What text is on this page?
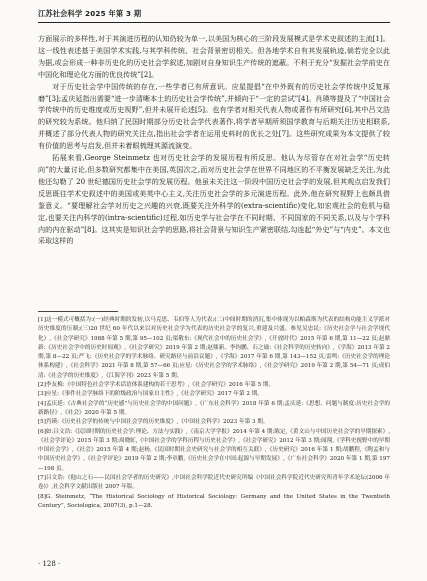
江苏社会科学 2025 年第 3 期

方面展示的多样性,对于其演进历程的认知仍较为单一,以美国为核心的三阶段发展模式是学术史叙述的主流[1]。这一线性表述基于美国学术实践,与其学科传统、社会背景密切相关。但各地学术自有其发展轨迹,倘若完全以此为据,或会形成一种非历史化的历史社会学叙述,加剧对自身知识生产传统的遮蔽。不利于充分“发掘社会学前史在中国化和理论化方面的优良传统”[2]。

对于历史社会学中国传统的存在,一些学者已有所意识。应星提倡“在中外既有的历史社会学传统中反复琢磨”[3];孟庆延指出需要“进一步清晰本土的历史社会学传统”,并倾向于“一定的尝试”[4]。肖瑛等提及了“中国社会学传统中的历史维度或历史视野”,但并未展开论述[5]。也有学者对相关代表人物或著作有所研究[6],其中吕文浩的研究较为系统。他归纳了民国时期部分历史社会学代表著作,将学者早期所须国学教育与后期关注历史相联系,并概述了部分代表人物的研究关注点,指出社会学者在运用史料时的优长之处[7]。这些研究成果为本文提供了较有价值的思考与启发,但并未着眼梳理其源流演变。

拓展来看,George Steinmetz 也对历史社会学的发展历程有所反思。他认为尽管存在对社会学“历史转向”的大量讨论,但多数研究都集中在美国,英国次之,而对历史社会学在世界不同地区的不平衡发展缺乏关注,为此他还勾勒了 20 世纪德国历史社会学的发展历程。他虽未关注这一阶段中国历史社会学的发展,但其观点启发我们反思既往学术史叙述中的美国或美英中心主义,关注历史社会学的多元演进历程。此外,他在研究视野上也颇具借鉴意义。“要理解社会学对历史之兴趣的兴衰,既要关注外科学的(extra-scientific)变化,如宏观社会的危机与稳定,也要关注内科学的(intra-scientific)过程,如历史学与社会学在不同时期、不同国家的不同关系,以及与个学科内的内在驱动”[8]。这其实是知识社会学的思路,将社会背景与知识生产紧密联结,勾连起“外史”与“内史”。本文也采取这样的

[1]这一模式可概括为:(一)经典时期的发轫,以马克思、韦伯等人为代表;(二)中间时期的消沉,集中体现为以帕森斯为代表的结构功能主义学派对历史维度的压制;(三)20 世纪 60 年代以来以对历史社会学为代表的历史社会学的复兴,重建及兴盛。参见吴忠民:《历史社会学与社会学现代化》,《社会学研究》1988 年第 5 期,第 95—102 页;渠敬东:《现代社会中的历史社会学》,《开放时代》2015 年第 6 期,第 11—22 页;赵鼎新:《历史社会学中的历史时间观》,《社会学研究》2019 年第 2 期;赵鼎新、李钧鹏、石之瑜:《社会科学的历史转向》,《学海》2013 年第 2 期,第 8—22 页;严飞:《历史社会学的学术脉络、研究路径与前沿议题》,《学海》2017 年第 6 期,第 143—152 页;雷鸣:《历史社会学的理论体系构建》,《社会科学》2021 年第 8 期,第 57—66 页;应星:《历史社会学的学术脉络》,《社会学研究》2019 年第 2 期,第 54—71 页;成伯清:《社会学的历史维度》,《江海学刊》2023 年第 5 期。

[2]李友梅:《中国特色社会学学术话语体系建构的若干思考》,《社会学研究》2016 年第 5 期。

[3]应星:《事件社会学脉络下的阶级政治与国家自主性》,《社会学研究》2017 年第 2 期。

[4]孟庆延:《古典社会学的“历史感”与历史社会学的中国问题》,《广东社会科学》2018 年第 6 期;孟庆延:《思想、问题与制度:历史社会学的新路径》,《社会》2020 年第 5 期。

[5]肖瑛:《历史社会学的传统与中国社会学的历史维度》,《中国社会科学》2023 年第 3 期。

[6]如:吕文浩:《民国时期的历史社会学:理论、方法与实践》,《南京大学学报》2014 年第 4 期;陈定,《黄文山与中国历史社会学的早期探索》,《社会学评论》2015 年第 3 期;周晓虹,《中国社会学的学科历程与历史社会学》,《社会学研究》2012 年第 3 期;闻翔,《学科史视野中的早期中国社会学》,《社会》2015 年第 4 期;赵杨,《民国时期社会史研究与社会学的相互关联》,《历史研究》2016 年第 1 期;胡鹏程,《陶孟和与中国历史社会学》,《社会学评论》2019 年第 2 期;李章鹏,《历史社会学在中国:起源与早期发展》,《广东社会科学》2020 年第 1 期,第 197—198 页。

[7]吕文浩:《他山之石——民国社会学者的历史研究》,中国社会科学院近代史研究所编《中国社会科学院近代史研究所青年学术论坛(2006 年卷)》,社会科学文献出版社 2007 年版。

[8]G. Steinmetz, “The Historical Sociology of Historical Sociology: Germany and the United States in the Twentieth Century”, Sociologica, 2007(3), p.1—28.

· 128 ·
